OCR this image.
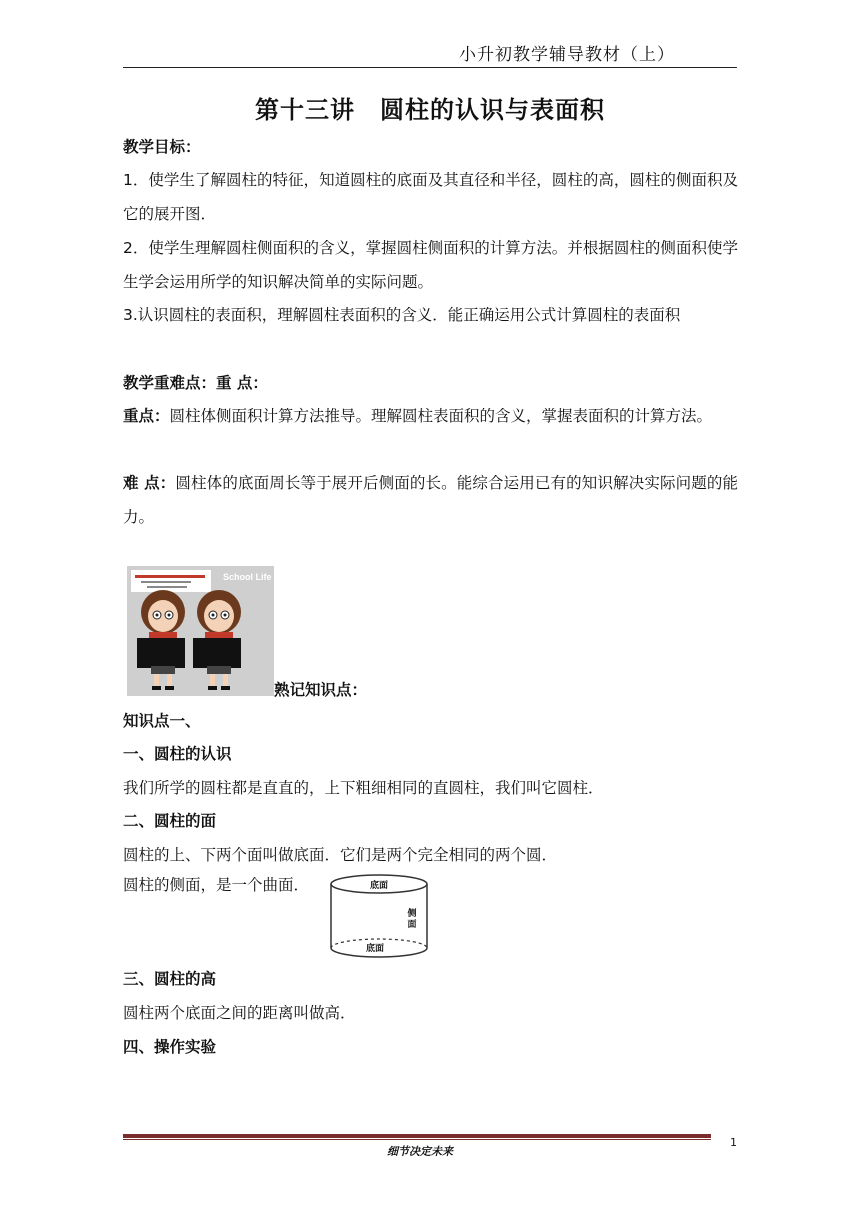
小升初教学辅导教材（上）
第十三讲　圆柱的认识与表面积
教学目标：
1．使学生了解圆柱的特征，知道圆柱的底面及其直径和半径，圆柱的高，圆柱的侧面积及它的展开图．
2．使学生理解圆柱侧面积的含义，掌握圆柱侧面积的计算方法。并根据圆柱的侧面积使学生学会运用所学的知识解决简单的实际问题。
3.认识圆柱的表面积，理解圆柱表面积的含义．能正确运用公式计算圆柱的表面积
教学重难点：重 点：
重点：圆柱体侧面积计算方法推导。理解圆柱表面积的含义，掌握表面积的计算方法。
难 点：圆柱体的底面周长等于展开后侧面的长。能综合运用已有的知识解决实际问题的能力。
School Life
熟记知识点：
知识点一、
一、圆柱的认识
我们所学的圆柱都是直直的，上下粗细相同的直圆柱，我们叫它圆柱．
二、圆柱的面
圆柱的上、下两个面叫做底面．它们是两个完全相同的两个圆．
圆柱的侧面，是一个曲面．	底面
侧
面
底面
三、圆柱的高
圆柱两个底面之间的距离叫做高．
四、操作实验
细节决定未来
1
